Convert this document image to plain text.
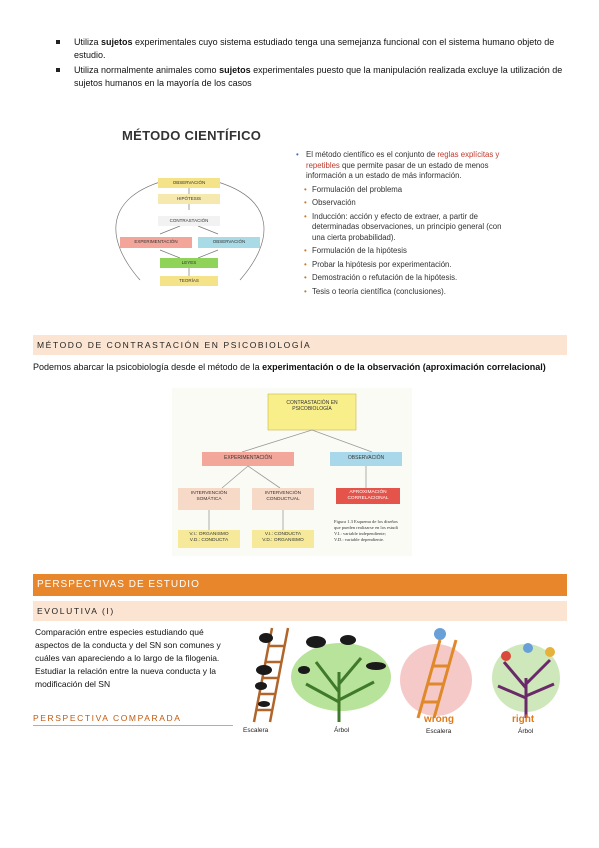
Utiliza sujetos experimentales cuyo sistema estudiado tenga una semejanza funcional con el sistema humano objeto de estudio.
Utiliza normalmente animales como sujetos experimentales puesto que la manipulación realizada excluye la utilización de sujetos humanos en la mayoría de los casos
MÉTODO CIENTÍFICO
OBSERVACIÓN
HIPÓTESIS
CONTRASTACIÓN
EXPERIMENTACIÓN	OBSERVACIÓN
LEYES
TEORÍAS
• El método científico es el conjunto de reglas explícitas y repetibles que permite pasar de un estado de menos información a un estado de más información.
• Formulación del problema
• Observación
• Inducción: acción y efecto de extraer, a partir de determinadas observaciones, un principio general (con una cierta probabilidad).
• Formulación de la hipótesis
• Probar la hipótesis por experimentación.
• Demostración o refutación de la hipótesis.
• Tesis o teoría científica (conclusiones).
MÉTODO DE CONTRASTACIÓN EN PSICOBIOLOGÍA
Podemos abarcar la psicobiología desde el método de la experimentación o de la observación (aproximación correlacional)
CONTRASTACIÓN EN PSICOBIOLOGÍA
EXPERIMENTACIÓN	OBSERVACIÓN
INTERVENCIÓN SOMÁTICA
INTERVENCIÓN CONDUCTUAL
APROXIMACIÓN CORRELACIONAL
V.I.: ORGANISMO
V.D.: CONDUCTA
V.I.: CONDUCTA
V.D.: ORGANISMO
Figura 1.3 Esquema de los diseños
que pueden realizarse en los estudi
V.I.: variable independiente;
V.D.: variable dependiente.
PERSPECTIVAS DE ESTUDIO
EVOLUTIVA (I)
Comparación entre especies estudiando qué aspectos de la conducta y del SN son comunes y cuáles van apareciendo a lo largo de la filogenia. Estudiar la relación entre la nueva conducta y la modificación del SN
PERSPECTIVA COMPARADA
Escalera	Árbol
wrong	right
Escalera	Árbol
